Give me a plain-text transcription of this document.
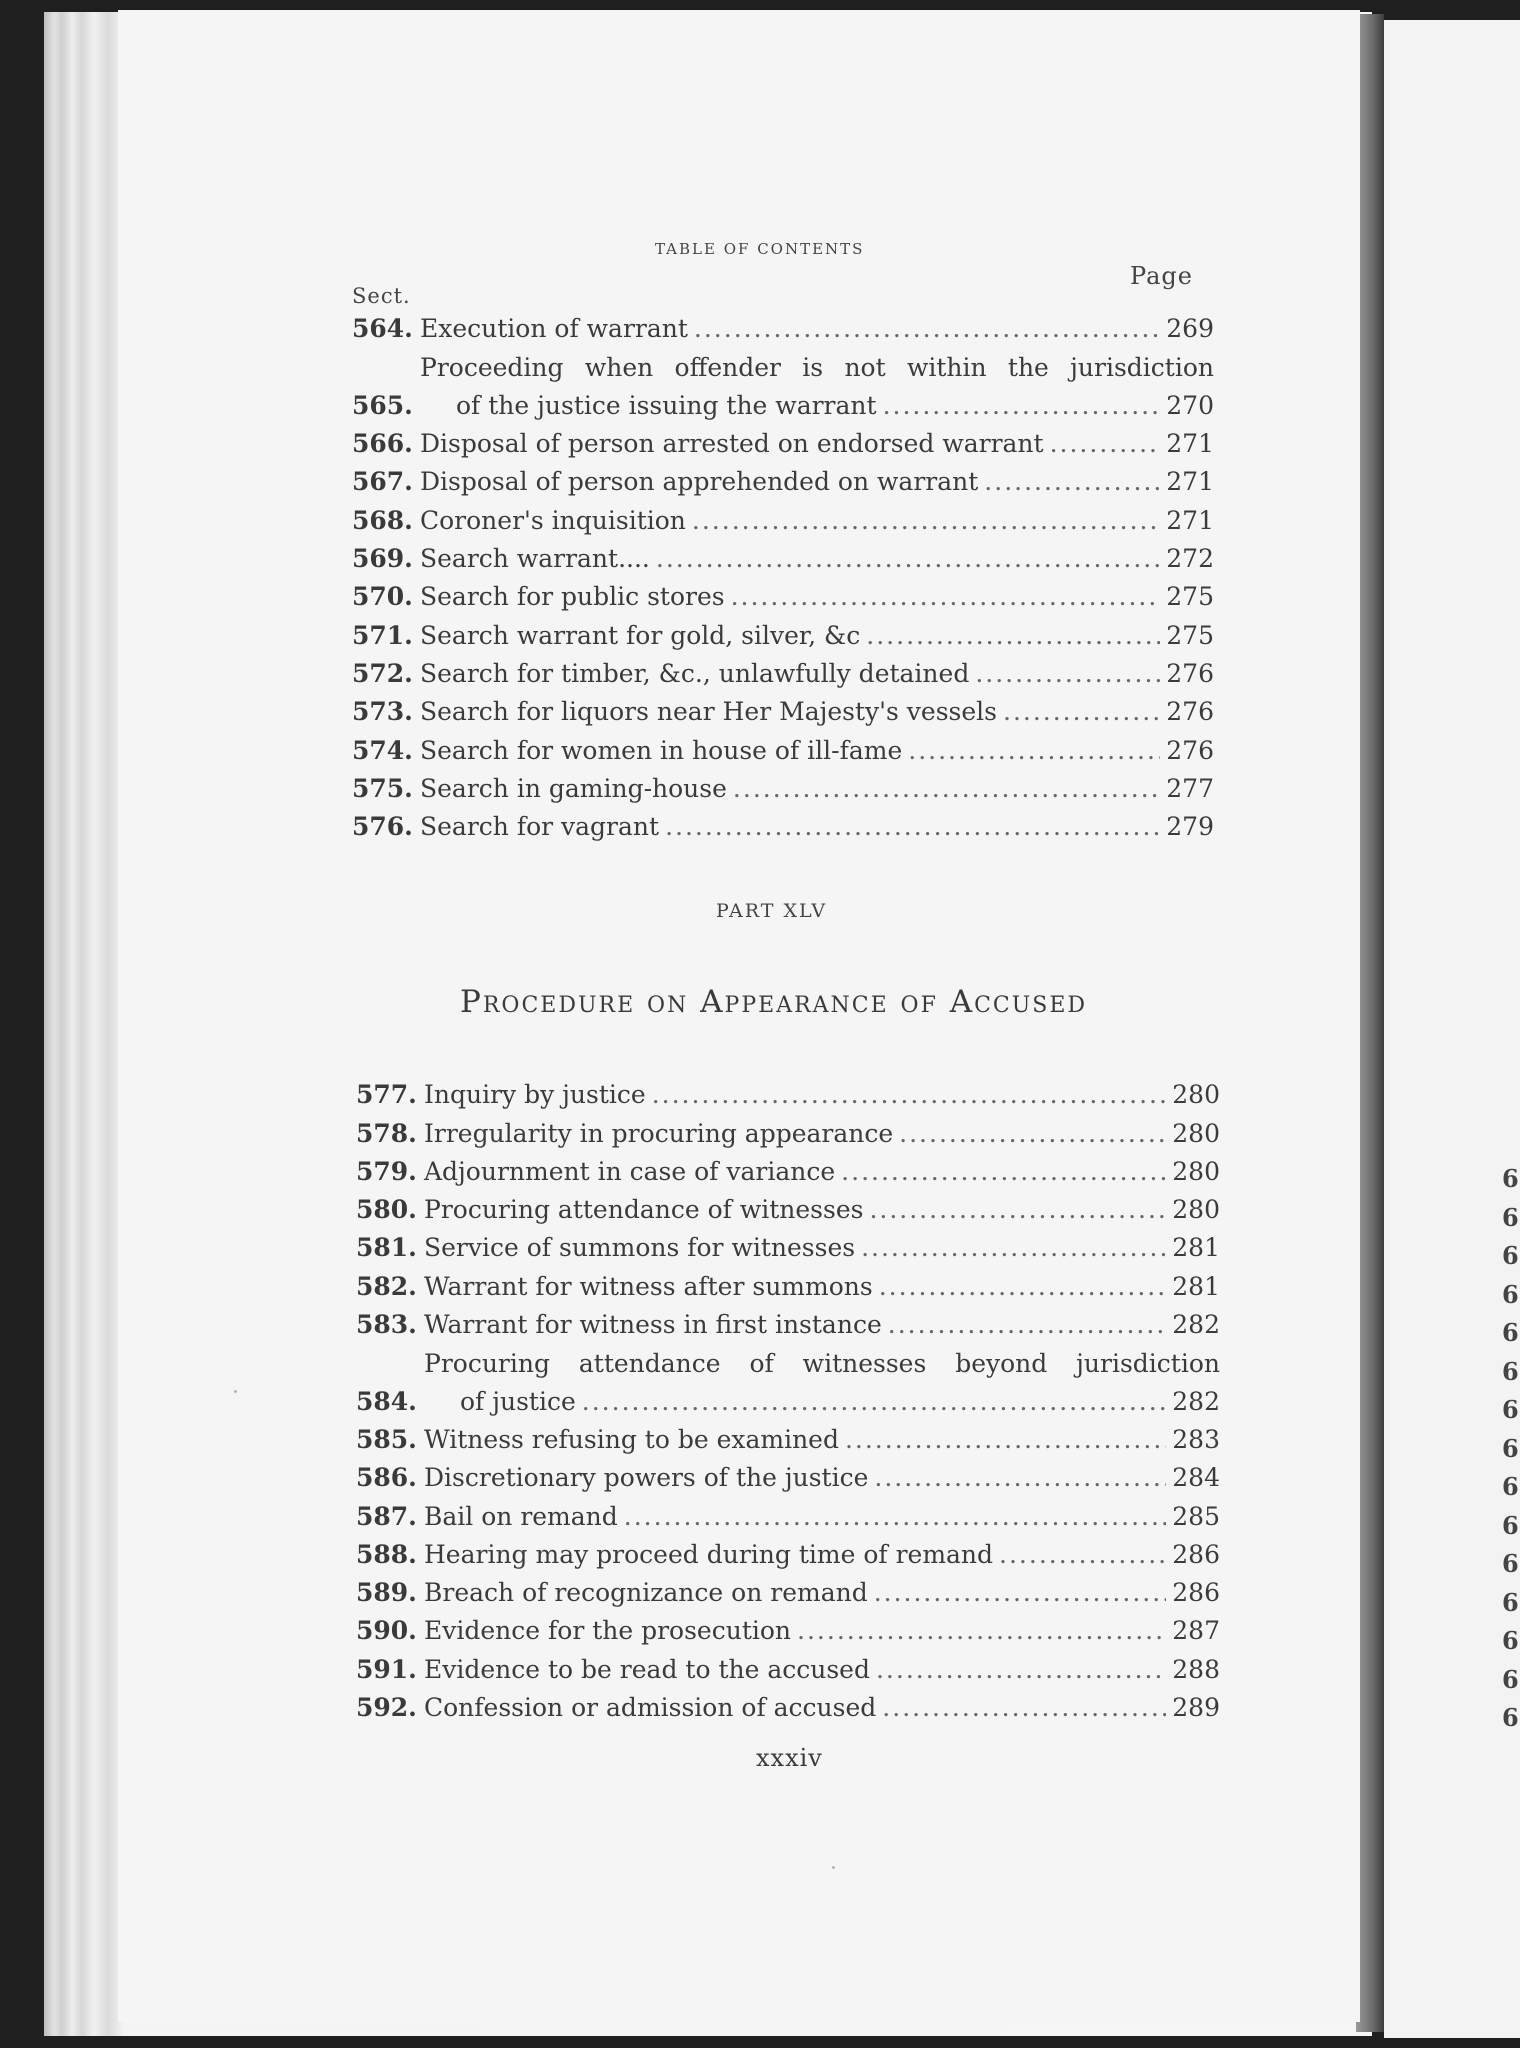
6
6
6
6
6
6
6
6
6
6
6
6
6
6
6
TABLE OF CONTENTS
Sect.
Page
564. Execution of warrant .....	269
565.
Proceeding when offender is not within the jurisdiction
of the justice issuing the warrant .....	270
566. Disposal of person arrested on endorsed warrant .....	271
567. Disposal of person apprehended on warrant .....	271
568. Coroner's inquisition .....	271
569. Search warrant.... .....	272
570. Search for public stores .....	275
571. Search warrant for gold, silver, &c .....	275
572. Search for timber, &c., unlawfully detained .....	276
573. Search for liquors near Her Majesty's vessels .....	276
574. Search for women in house of ill-fame .....	276
575. Search in gaming-house .....	277
576. Search for vagrant .....	279
PART XLV
Procedure on Appearance of Accused
577. Inquiry by justice .....	280
578. Irregularity in procuring appearance .....	280
579. Adjournment in case of variance .....	280
580. Procuring attendance of witnesses .....	280
581. Service of summons for witnesses .....	281
582. Warrant for witness after summons .....	281
583. Warrant for witness in first instance .....	282
584.
Procuring attendance of witnesses beyond jurisdiction
of justice .....	282
585. Witness refusing to be examined .....	283
586. Discretionary powers of the justice .....	284
587. Bail on remand .....	285
588. Hearing may proceed during time of remand .....	286
589. Breach of recognizance on remand .....	286
590. Evidence for the prosecution .....	287
591. Evidence to be read to the accused .....	288
592. Confession or admission of accused .....	289
xxxiv
